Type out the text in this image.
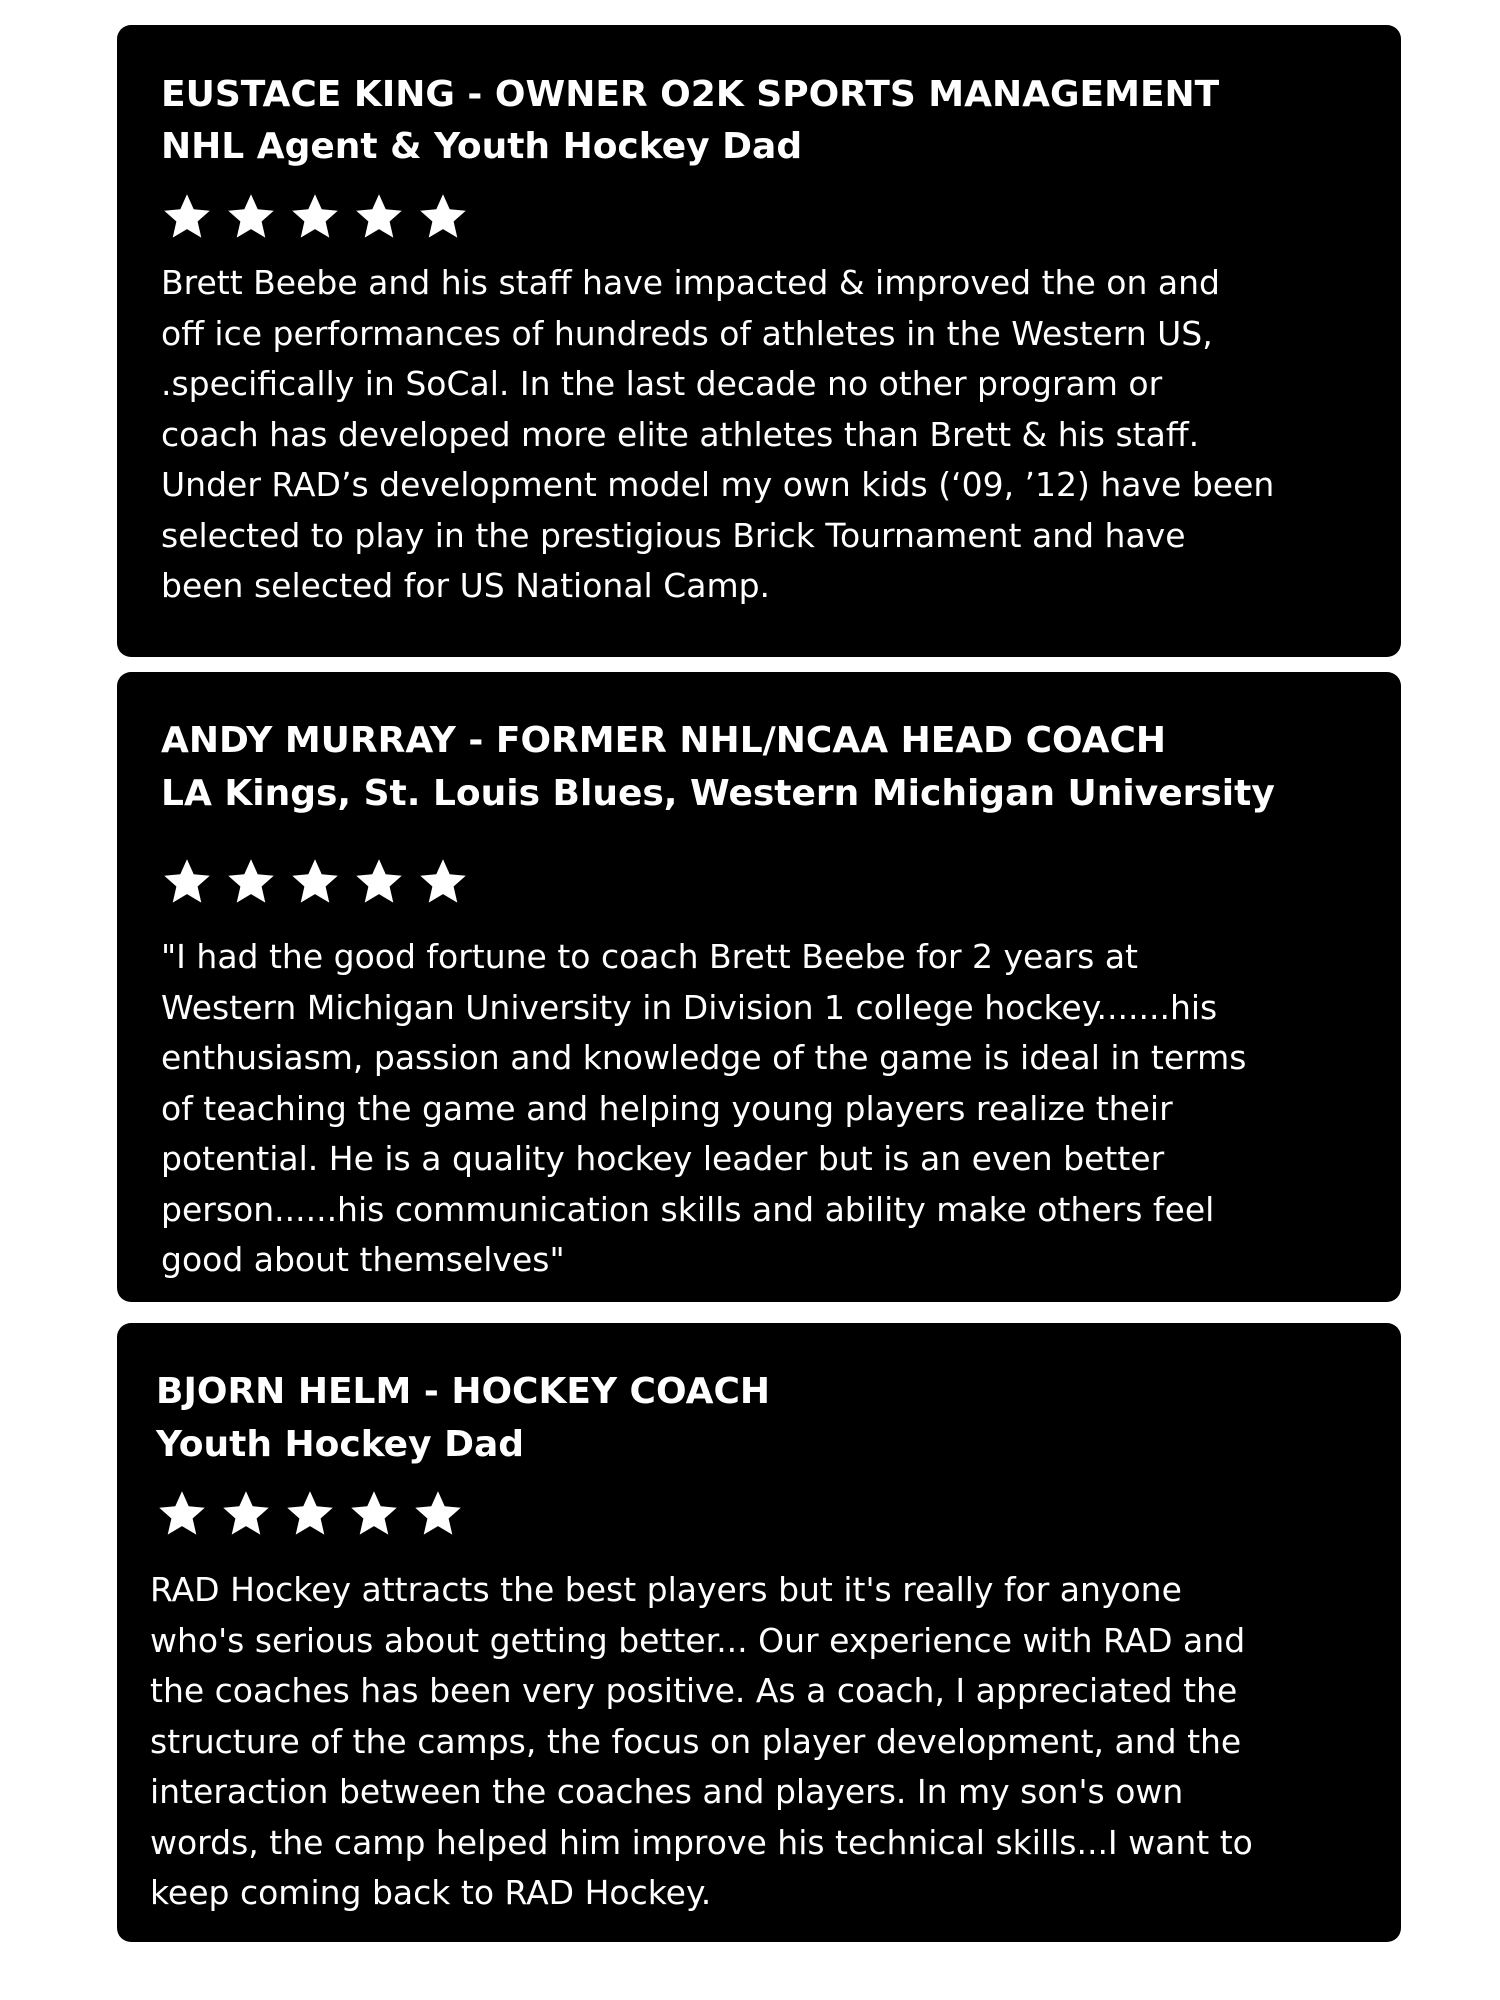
EUSTACE KING - OWNER O2K SPORTS MANAGEMENT
NHL Agent & Youth Hockey Dad
Brett Beebe and his staff have impacted & improved the on and
off ice performances of hundreds of athletes in the Western US,
.specifically in SoCal. In the last decade no other program or
coach has developed more elite athletes than Brett & his staff.
Under RAD’s development model my own kids (‘09, ’12) have been
selected to play in the prestigious Brick Tournament and have
been selected for US National Camp.
ANDY MURRAY - FORMER NHL/NCAA HEAD COACH
LA Kings, St. Louis Blues, Western Michigan University
"I had the good fortune to coach Brett Beebe for 2 years at
Western Michigan University in Division 1 college hockey.......his
enthusiasm, passion and knowledge of the game is ideal in terms
of teaching the game and helping young players realize their
potential. He is a quality hockey leader but is an even better
person......his communication skills and ability make others feel
good about themselves"
BJORN HELM - HOCKEY COACH
Youth Hockey Dad
RAD Hockey attracts the best players but it's really for anyone
who's serious about getting better... Our experience with RAD and
the coaches has been very positive. As a coach, I appreciated the
structure of the camps, the focus on player development, and the
interaction between the coaches and players. In my son's own
words, the camp helped him improve his technical skills...I want to
keep coming back to RAD Hockey.
